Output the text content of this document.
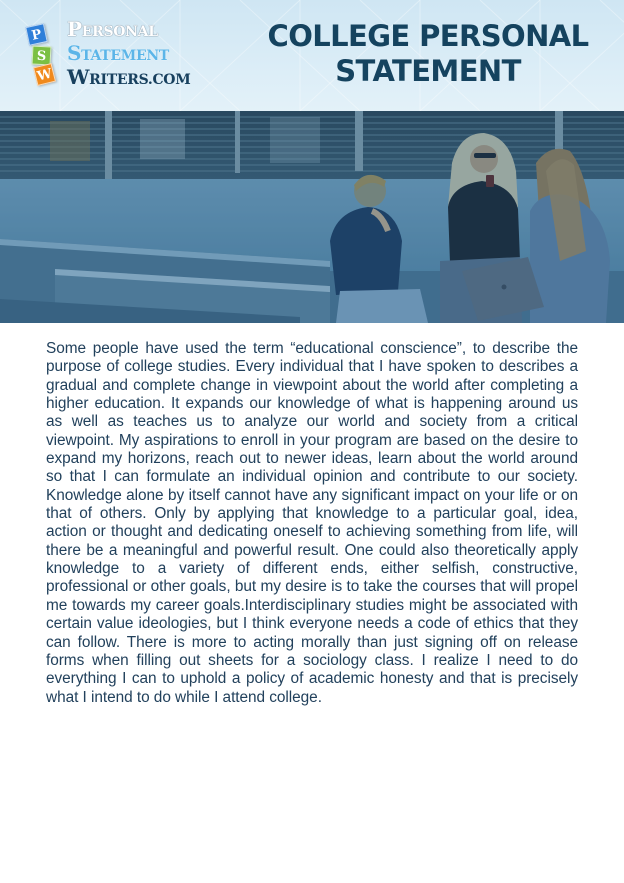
P
S
W
PERSONAL
STATEMENT
WRITERS.COM
COLLEGE PERSONAL
STATEMENT

Some people have used the term “educational conscience”, to describe the purpose of college studies. Every individual that I have spoken to describes a gradual and complete change in viewpoint about the world after completing a higher education. It expands our knowledge of what is happening around us as well as teaches us to analyze our world and society from a critical viewpoint. My aspirations to enroll in your program are based on the desire to expand my horizons, reach out to newer ideas, learn about the world around so that I can formulate an individual opinion and contribute to our society. Knowledge alone by itself cannot have any significant impact on your life or on that of others. Only by applying that knowledge to a particular goal, idea, action or thought and dedicating oneself to achieving something from life, will there be a meaningful and powerful result. One could also theoretically apply knowledge to a variety of different ends, either selfish, constructive, professional or other goals, but my desire is to take the courses that will propel me towards my career goals.Interdisciplinary studies might be associated with certain value ideologies, but I think everyone needs a code of ethics that they can follow. There is more to acting morally than just signing off on release forms when filling out sheets for a sociology class. I realize I need to do everything I can to uphold a policy of academic honesty and that is precisely what I intend to do while I attend college.
